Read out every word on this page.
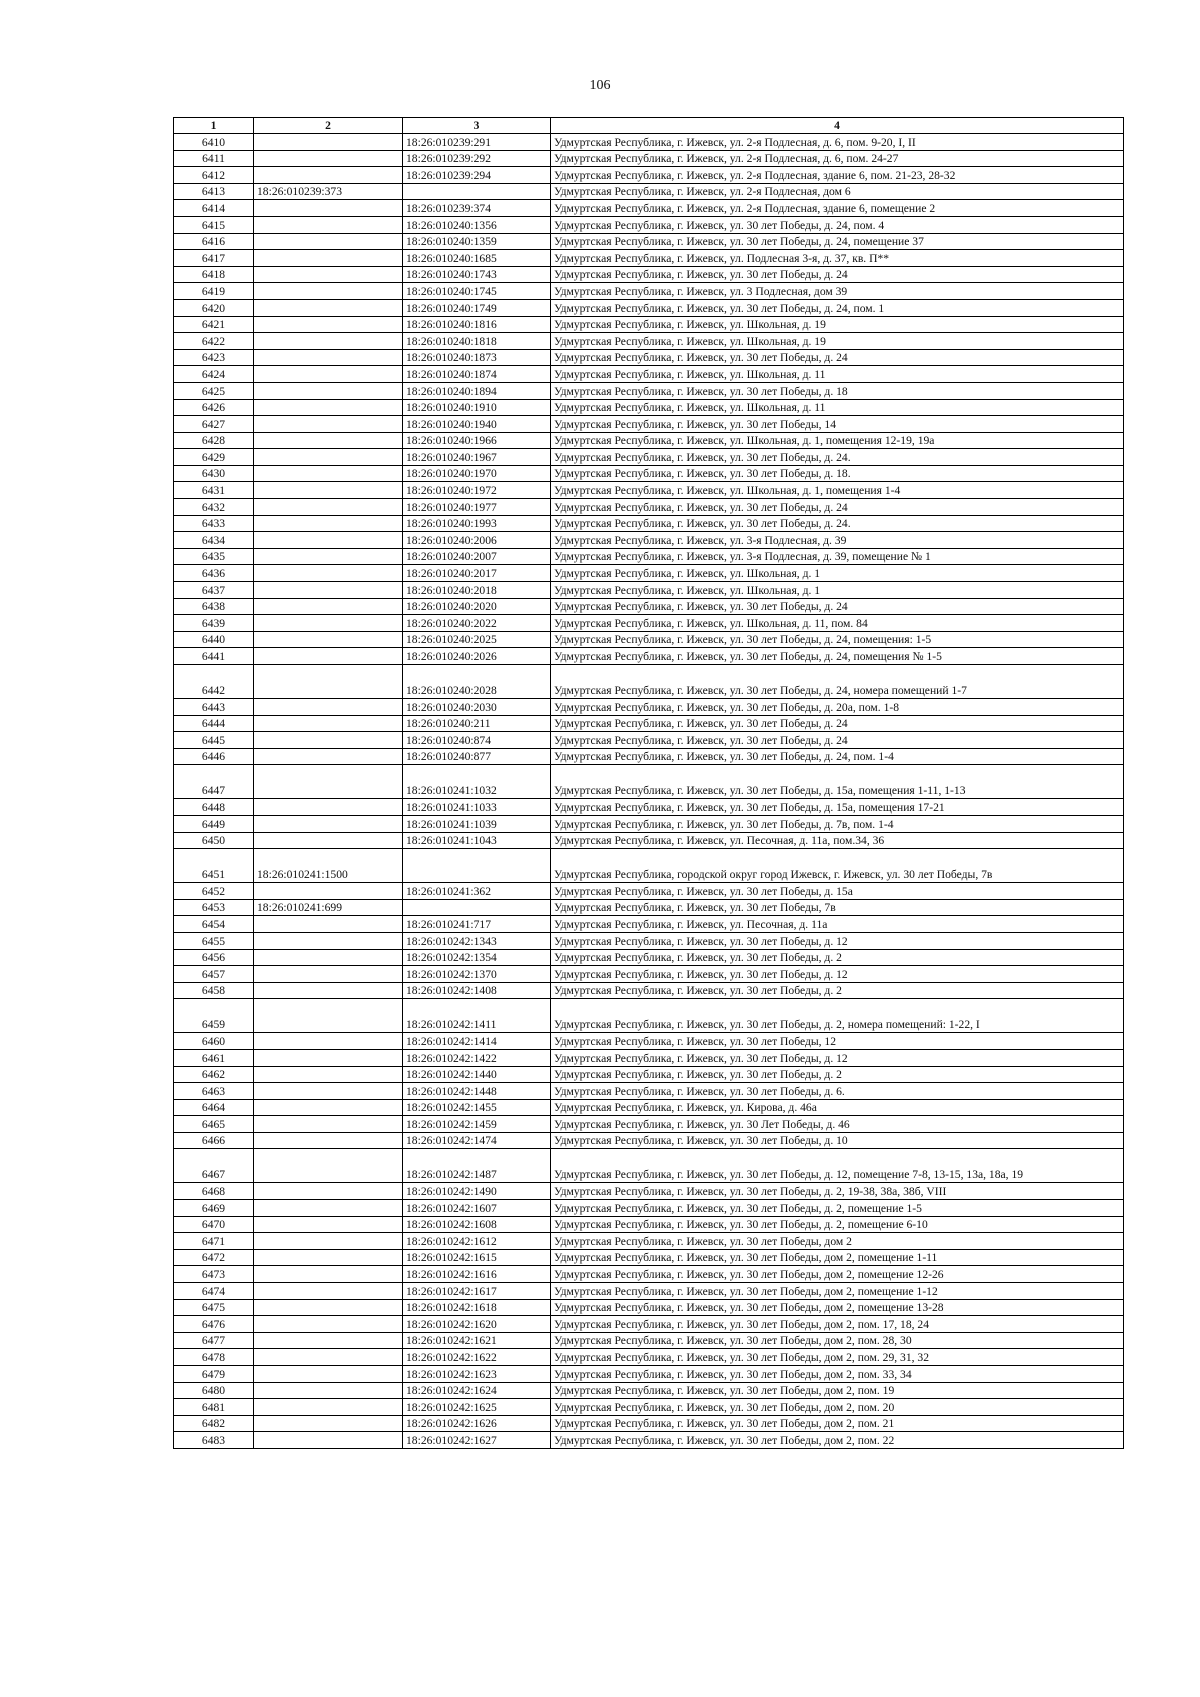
106
1	2	3	4
6410		18:26:010239:291	Удмуртская Республика, г. Ижевск, ул. 2-я Подлесная, д. 6, пом. 9-20, I, II
6411		18:26:010239:292	Удмуртская Республика, г. Ижевск, ул. 2-я Подлесная, д. 6, пом. 24-27
6412		18:26:010239:294	Удмуртская Республика, г. Ижевск, ул. 2-я Подлесная, здание 6, пом. 21-23, 28-32
6413	18:26:010239:373		Удмуртская Республика, г. Ижевск, ул. 2-я Подлесная, дом 6
6414		18:26:010239:374	Удмуртская Республика, г. Ижевск, ул. 2-я Подлесная, здание 6, помещение 2
6415		18:26:010240:1356	Удмуртская Республика, г. Ижевск, ул. 30 лет Победы, д. 24, пом. 4
6416		18:26:010240:1359	Удмуртская Республика, г. Ижевск, ул. 30 лет Победы, д. 24, помещение 37
6417		18:26:010240:1685	Удмуртская Республика, г. Ижевск, ул. Подлесная 3-я, д. 37, кв. П**
6418		18:26:010240:1743	Удмуртская Республика, г. Ижевск, ул. 30 лет Победы, д. 24
6419		18:26:010240:1745	Удмуртская Республика, г. Ижевск, ул. 3 Подлесная, дом 39
6420		18:26:010240:1749	Удмуртская Республика, г. Ижевск, ул. 30 лет Победы, д. 24, пом. 1
6421		18:26:010240:1816	Удмуртская Республика, г. Ижевск, ул. Школьная, д. 19
6422		18:26:010240:1818	Удмуртская Республика, г. Ижевск, ул. Школьная, д. 19
6423		18:26:010240:1873	Удмуртская Республика, г. Ижевск, ул. 30 лет Победы, д. 24
6424		18:26:010240:1874	Удмуртская Республика, г. Ижевск, ул. Школьная, д. 11
6425		18:26:010240:1894	Удмуртская Республика, г. Ижевск, ул. 30 лет Победы, д. 18
6426		18:26:010240:1910	Удмуртская Республика, г. Ижевск, ул. Школьная, д. 11
6427		18:26:010240:1940	Удмуртская Республика, г. Ижевск, ул. 30 лет Победы, 14
6428		18:26:010240:1966	Удмуртская Республика, г. Ижевск, ул. Школьная, д. 1, помещения 12-19, 19а
6429		18:26:010240:1967	Удмуртская Республика, г. Ижевск, ул. 30 лет Победы, д. 24.
6430		18:26:010240:1970	Удмуртская Республика, г. Ижевск, ул. 30 лет Победы, д. 18.
6431		18:26:010240:1972	Удмуртская Республика, г. Ижевск, ул. Школьная, д. 1, помещения 1-4
6432		18:26:010240:1977	Удмуртская Республика, г. Ижевск, ул. 30 лет Победы, д. 24
6433		18:26:010240:1993	Удмуртская Республика, г. Ижевск, ул. 30 лет Победы, д. 24.
6434		18:26:010240:2006	Удмуртская Республика, г. Ижевск, ул. 3-я Подлесная, д. 39
6435		18:26:010240:2007	Удмуртская Республика, г. Ижевск, ул. 3-я Подлесная, д. 39, помещение № 1
6436		18:26:010240:2017	Удмуртская Республика, г. Ижевск, ул. Школьная, д. 1
6437		18:26:010240:2018	Удмуртская Республика, г. Ижевск, ул. Школьная, д. 1
6438		18:26:010240:2020	Удмуртская Республика, г. Ижевск, ул. 30 лет Победы, д. 24
6439		18:26:010240:2022	Удмуртская Республика, г. Ижевск, ул. Школьная, д. 11, пом. 84
6440		18:26:010240:2025	Удмуртская Республика, г. Ижевск, ул. 30 лет Победы, д. 24, помещения: 1-5
6441		18:26:010240:2026	Удмуртская Республика, г. Ижевск, ул. 30 лет Победы, д. 24, помещения № 1-5
6442		18:26:010240:2028	Удмуртская Республика, г. Ижевск, ул. 30 лет Победы, д. 24, номера помещений 1-7
6443		18:26:010240:2030	Удмуртская Республика, г. Ижевск, ул. 30 лет Победы, д. 20а, пом. 1-8
6444		18:26:010240:211	Удмуртская Республика, г. Ижевск, ул. 30 лет Победы, д. 24
6445		18:26:010240:874	Удмуртская Республика, г. Ижевск, ул. 30 лет Победы, д. 24
6446		18:26:010240:877	Удмуртская Республика, г. Ижевск, ул. 30 лет Победы, д. 24, пом. 1-4
6447		18:26:010241:1032	Удмуртская Республика, г. Ижевск, ул. 30 лет Победы, д. 15а, помещения 1-11, 1-13
6448		18:26:010241:1033	Удмуртская Республика, г. Ижевск, ул. 30 лет Победы, д. 15а, помещения 17-21
6449		18:26:010241:1039	Удмуртская Республика, г. Ижевск, ул. 30 лет Победы, д. 7в, пом. 1-4
6450		18:26:010241:1043	Удмуртская Республика, г. Ижевск, ул. Песочная, д. 11а, пом.34, 36
6451	18:26:010241:1500		Удмуртская Республика, городской округ город Ижевск, г. Ижевск, ул. 30 лет Победы, 7в
6452		18:26:010241:362	Удмуртская Республика, г. Ижевск, ул. 30 лет Победы, д. 15а
6453	18:26:010241:699		Удмуртская Республика, г. Ижевск, ул. 30 лет Победы, 7в
6454		18:26:010241:717	Удмуртская Республика, г. Ижевск, ул. Песочная, д. 11а
6455		18:26:010242:1343	Удмуртская Республика, г. Ижевск, ул. 30 лет Победы, д. 12
6456		18:26:010242:1354	Удмуртская Республика, г. Ижевск, ул. 30 лет Победы, д. 2
6457		18:26:010242:1370	Удмуртская Республика, г. Ижевск, ул. 30 лет Победы, д. 12
6458		18:26:010242:1408	Удмуртская Республика, г. Ижевск, ул. 30 лет Победы, д. 2
6459		18:26:010242:1411	Удмуртская Республика, г. Ижевск, ул. 30 лет Победы, д. 2, номера помещений: 1-22, I
6460		18:26:010242:1414	Удмуртская Республика, г. Ижевск, ул. 30 лет Победы, 12
6461		18:26:010242:1422	Удмуртская Республика, г. Ижевск, ул. 30 лет Победы, д. 12
6462		18:26:010242:1440	Удмуртская Республика, г. Ижевск, ул. 30 лет Победы, д. 2
6463		18:26:010242:1448	Удмуртская Республика, г. Ижевск, ул. 30 лет Победы, д. 6.
6464		18:26:010242:1455	Удмуртская Республика, г. Ижевск, ул. Кирова, д. 46а
6465		18:26:010242:1459	Удмуртская Республика, г. Ижевск, ул. 30 Лет Победы, д. 46
6466		18:26:010242:1474	Удмуртская Республика, г. Ижевск, ул. 30 лет Победы, д. 10
6467		18:26:010242:1487	Удмуртская Республика, г. Ижевск, ул. 30 лет Победы, д. 12, помещение 7-8, 13-15, 13а, 18а, 19
6468		18:26:010242:1490	Удмуртская Республика, г. Ижевск, ул. 30 лет Победы, д. 2, 19-38, 38а, 38б, VIII
6469		18:26:010242:1607	Удмуртская Республика, г. Ижевск, ул. 30 лет Победы, д. 2, помещение 1-5
6470		18:26:010242:1608	Удмуртская Республика, г. Ижевск, ул. 30 лет Победы, д. 2, помещение 6-10
6471		18:26:010242:1612	Удмуртская Республика, г. Ижевск, ул. 30 лет Победы, дом 2
6472		18:26:010242:1615	Удмуртская Республика, г. Ижевск, ул. 30 лет Победы, дом 2, помещение 1-11
6473		18:26:010242:1616	Удмуртская Республика, г. Ижевск, ул. 30 лет Победы, дом 2, помещение 12-26
6474		18:26:010242:1617	Удмуртская Республика, г. Ижевск, ул. 30 лет Победы, дом 2, помещение 1-12
6475		18:26:010242:1618	Удмуртская Республика, г. Ижевск, ул. 30 лет Победы, дом 2, помещение 13-28
6476		18:26:010242:1620	Удмуртская Республика, г. Ижевск, ул. 30 лет Победы, дом 2, пом. 17, 18, 24
6477		18:26:010242:1621	Удмуртская Республика, г. Ижевск, ул. 30 лет Победы, дом 2, пом. 28, 30
6478		18:26:010242:1622	Удмуртская Республика, г. Ижевск, ул. 30 лет Победы, дом 2, пом. 29, 31, 32
6479		18:26:010242:1623	Удмуртская Республика, г. Ижевск, ул. 30 лет Победы, дом 2, пом. 33, 34
6480		18:26:010242:1624	Удмуртская Республика, г. Ижевск, ул. 30 лет Победы, дом 2, пом. 19
6481		18:26:010242:1625	Удмуртская Республика, г. Ижевск, ул. 30 лет Победы, дом 2, пом. 20
6482		18:26:010242:1626	Удмуртская Республика, г. Ижевск, ул. 30 лет Победы, дом 2, пом. 21
6483		18:26:010242:1627	Удмуртская Республика, г. Ижевск, ул. 30 лет Победы, дом 2, пом. 22
